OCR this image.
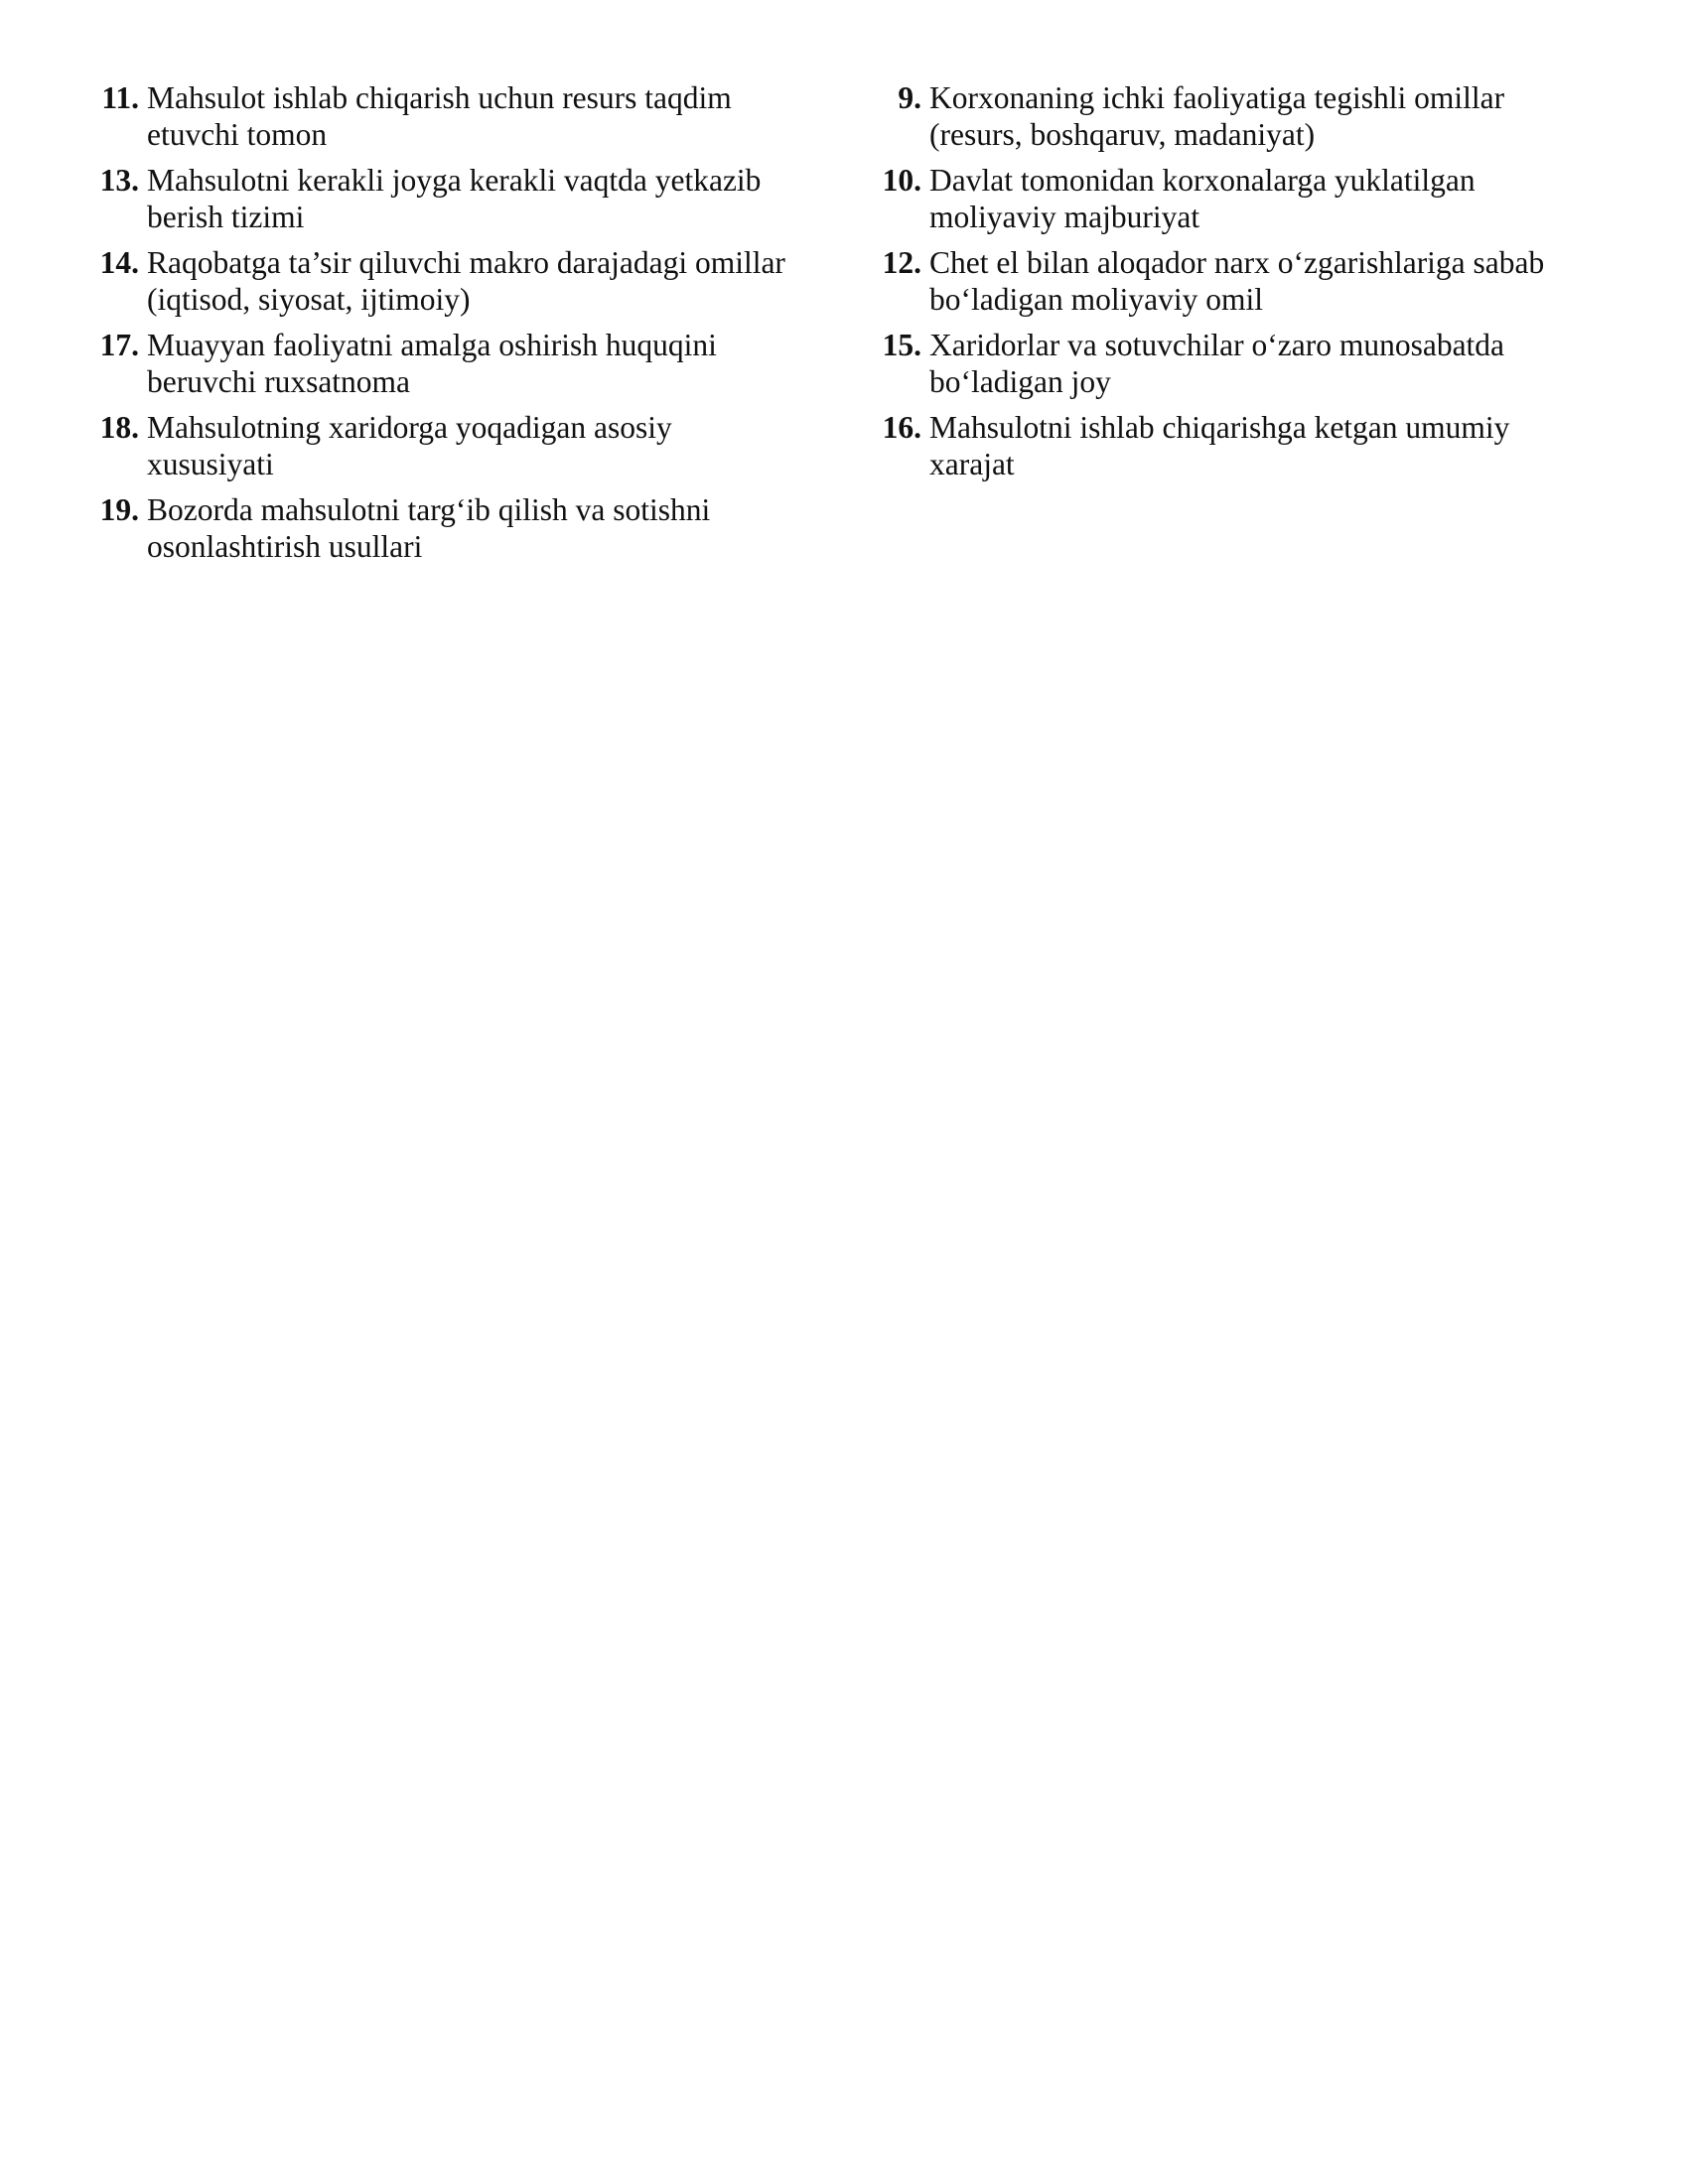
11. Mahsulot ishlab chiqarish uchun resurs taqdim
etuvchi tomon
13. Mahsulotni kerakli joyga kerakli vaqtda yetkazib
berish tizimi
14. Raqobatga ta’sir qiluvchi makro darajadagi omillar
(iqtisod, siyosat, ijtimoiy)
17. Muayyan faoliyatni amalga oshirish huquqini
beruvchi ruxsatnoma
18. Mahsulotning xaridorga yoqadigan asosiy
xususiyati
19. Bozorda mahsulotni targ‘ib qilish va sotishni
osonlashtirish usullari
9. Korxonaning ichki faoliyatiga tegishli omillar
(resurs, boshqaruv, madaniyat)
10. Davlat tomonidan korxonalarga yuklatilgan
moliyaviy majburiyat
12. Chet el bilan aloqador narx o‘zgarishlariga sabab
bo‘ladigan moliyaviy omil
15. Xaridorlar va sotuvchilar o‘zaro munosabatda
bo‘ladigan joy
16. Mahsulotni ishlab chiqarishga ketgan umumiy
xarajat
